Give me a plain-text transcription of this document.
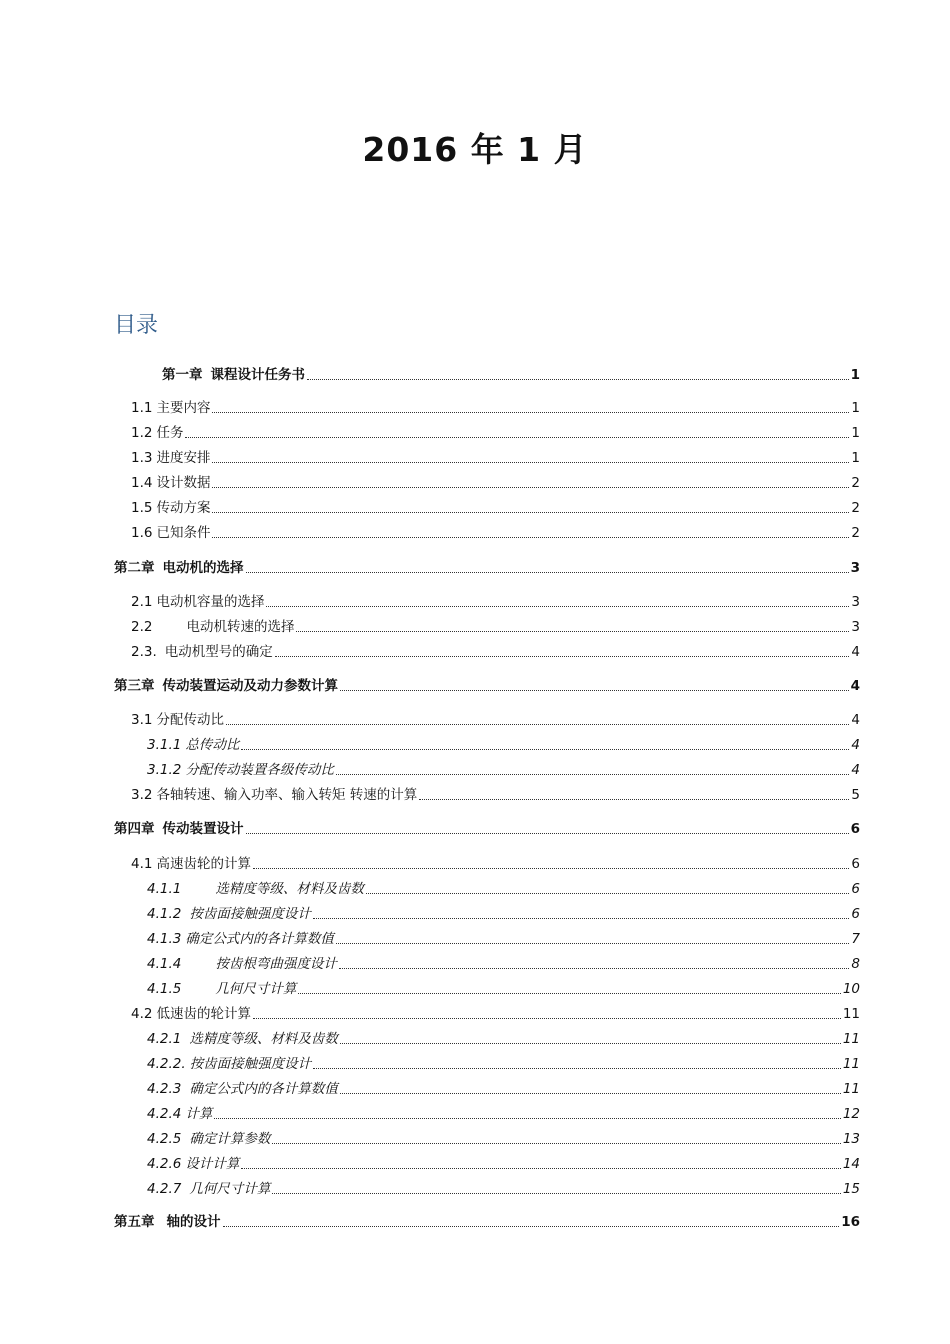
2016 年 1 月
目录
第一章 课程设计任务书	1
1.1 主要内容	1
1.2 任务	1
1.3 进度安排	1
1.4 设计数据	2
1.5 传动方案	2
1.6 已知条件	2
第二章 电动机的选择	3
2.1 电动机容量的选择	3
2.2	电动机转速的选择	3
2.3. 电动机型号的确定	4
第三章 传动装置运动及动力参数计算	4
3.1 分配传动比	4
3.1.1 总传动比	4
3.1.2 分配传动装置各级传动比	4
3.2 各轴转速、输入功率、输入转矩 转速的计算	5
第四章 传动装置设计	6
4.1 高速齿轮的计算	6
4.1.1	选精度等级、材料及齿数	6
4.1.2 按齿面接触强度设计	6
4.1.3 确定公式内的各计算数值	7
4.1.4	按齿根弯曲强度设计	8
4.1.5	几何尺寸计算	10
4.2 低速齿的轮计算	11
4.2.1 选精度等级、材料及齿数	11
4.2.2. 按齿面接触强度设计	11
4.2.3 确定公式内的各计算数值	11
4.2.4 计算	12
4.2.5 确定计算参数	13
4.2.6 设计计算	14
4.2.7 几何尺寸计算	15
第五章 轴的设计	16
